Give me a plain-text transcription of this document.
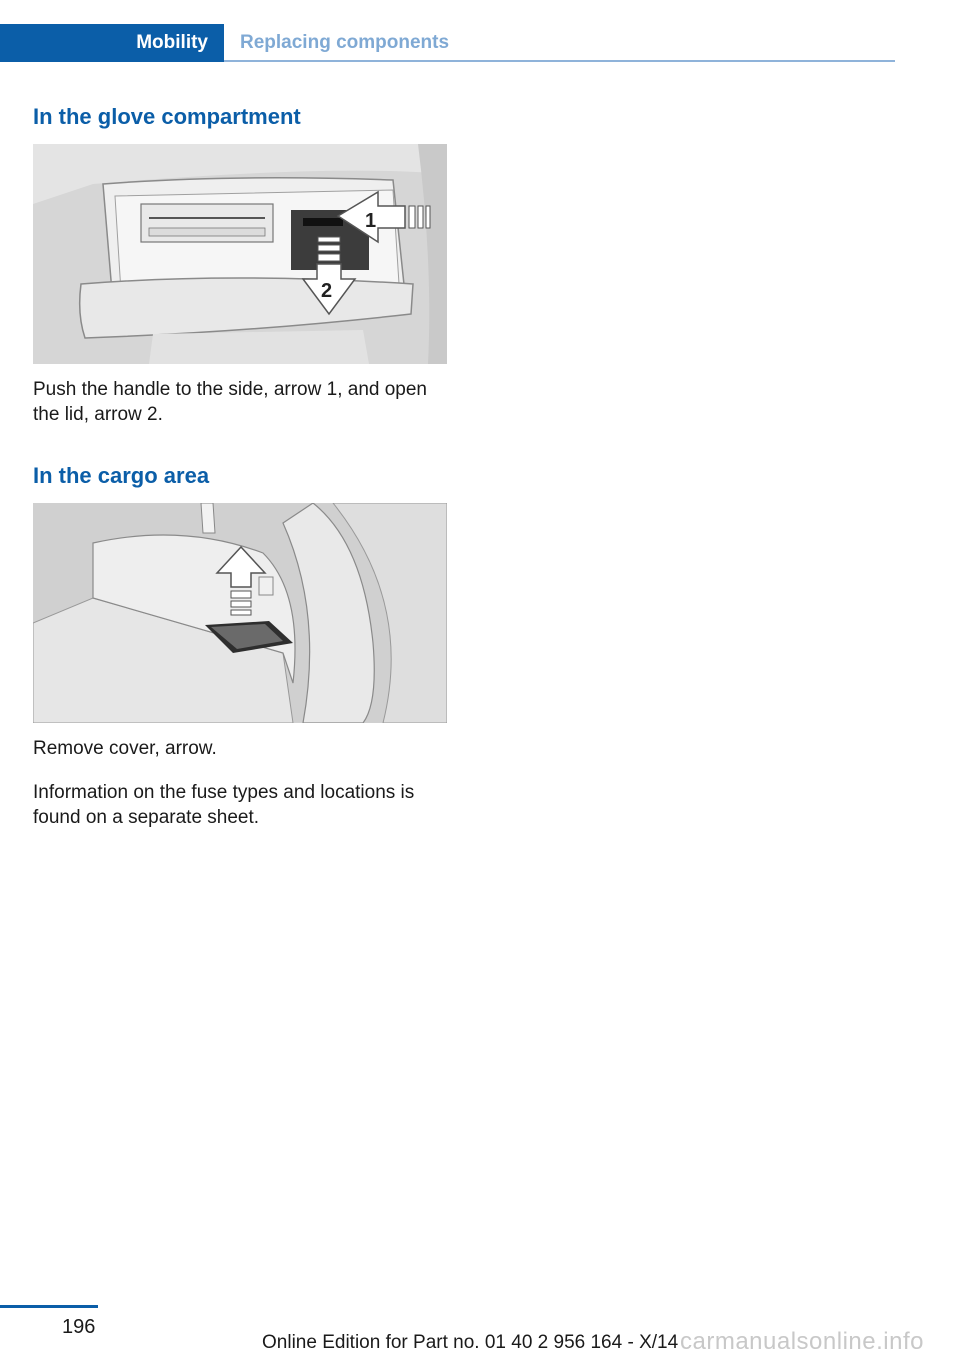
Mobility	Replacing components
In the glove compartment
1
2

Push the handle to the side, arrow 1, and open the lid, arrow 2.

In the cargo area

Remove cover, arrow.

Information on the fuse types and locations is found on a separate sheet.

196
Online Edition for Part no. 01 40 2 956 164 - X/14 carmanualsonline.info
